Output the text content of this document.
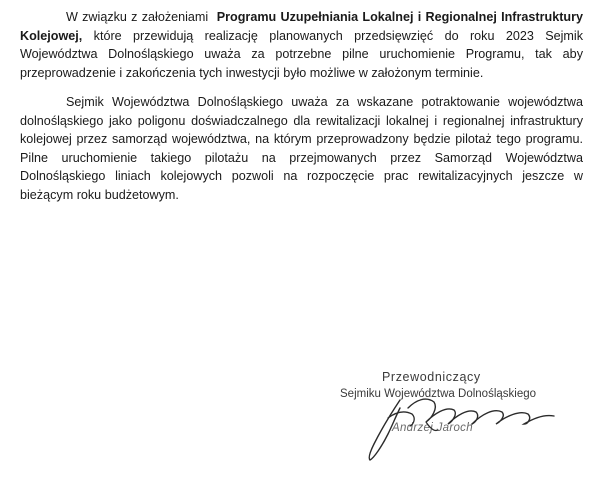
W związku z założeniami Programu Uzupełniania Lokalnej i Regionalnej Infrastruktury Kolejowej, które przewidują realizację planowanych przedsięwzięć do roku 2023 Sejmik Województwa Dolnośląskiego uważa za potrzebne pilne uruchomienie Programu, tak aby przeprowadzenie i zakończenia tych inwestycji było możliwe w założonym terminie.

Sejmik Województwa Dolnośląskiego uważa za wskazane potraktowanie województwa dolnośląskiego jako poligonu doświadczalnego dla rewitalizacji lokalnej i regionalnej infrastruktury kolejowej przez samorząd województwa, na którym przeprowadzony będzie pilotaż tego programu. Pilne uruchomienie takiego pilotażu na przejmowanych przez Samorząd Województwa Dolnośląskiego liniach kolejowych pozwoli na rozpoczęcie prac rewitalizacyjnych jeszcze w bieżącym roku budżetowym.

Przewodniczący
Sejmiku Województwa Dolnośląskiego
Andrzej Jaroch
